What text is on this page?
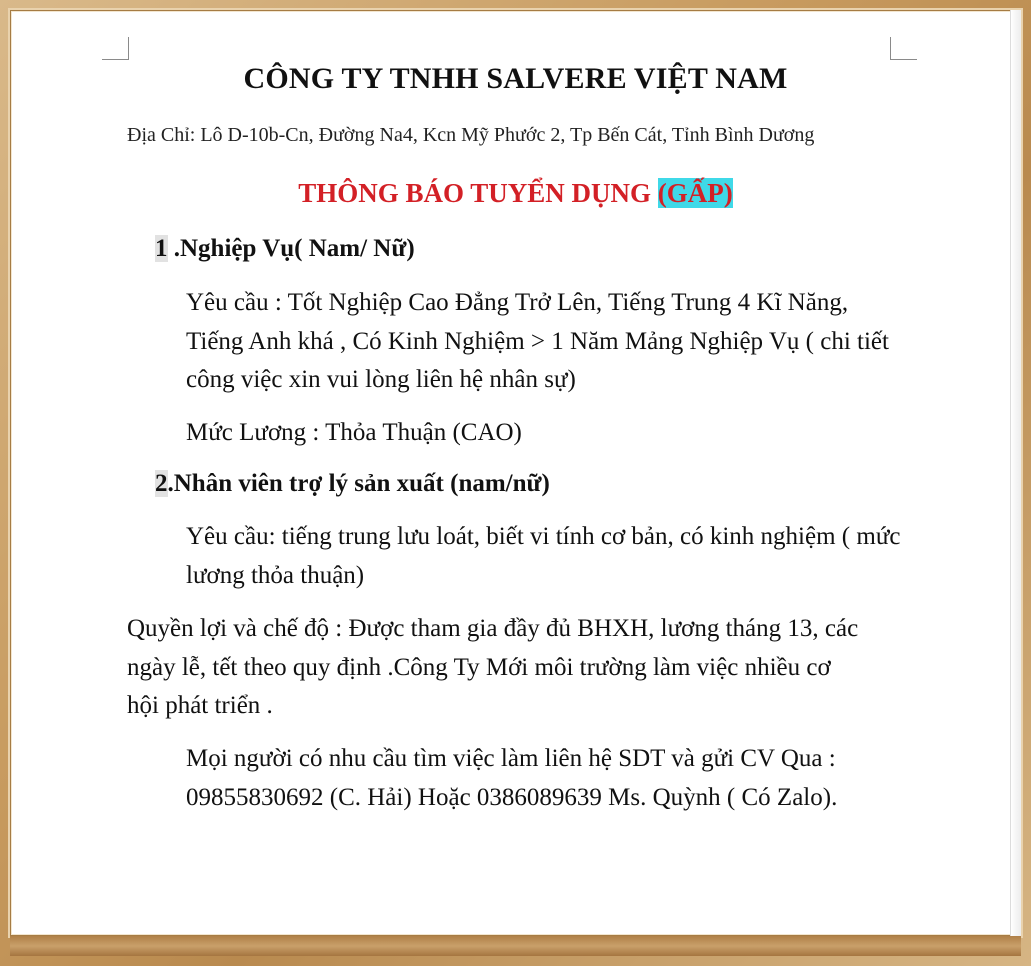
CÔNG TY TNHH SALVERE VIỆT NAM
Địa Chỉ: Lô D-10b-Cn, Đường Na4, Kcn Mỹ Phước 2, Tp Bến Cát, Tỉnh Bình Dương
THÔNG BÁO TUYỂN DỤNG (GẤP)
1 .Nghiệp Vụ( Nam/ Nữ)
Yêu cầu : Tốt Nghiệp Cao Đẳng Trở Lên, Tiếng Trung 4 Kĩ Năng, Tiếng Anh khá , Có Kinh Nghiệm > 1 Năm Mảng Nghiệp Vụ ( chi tiết công việc xin vui lòng liên hệ nhân sự)
Mức Lương : Thỏa Thuận (CAO)
2.Nhân viên trợ lý sản xuất (nam/nữ)
Yêu cầu: tiếng trung lưu loát, biết vi tính cơ bản, có kinh nghiệm ( mức lương thỏa thuận)
Quyền lợi và chế độ : Được tham gia đầy đủ BHXH, lương tháng 13, các ngày lễ, tết theo quy định .Công Ty Mới môi trường làm việc nhiều cơ hội phát triển .
Mọi người có nhu cầu tìm việc làm liên hệ SDT và gửi CV Qua : 09855830692 (C. Hải) Hoặc 0386089639 Ms. Quỳnh ( Có Zalo).
